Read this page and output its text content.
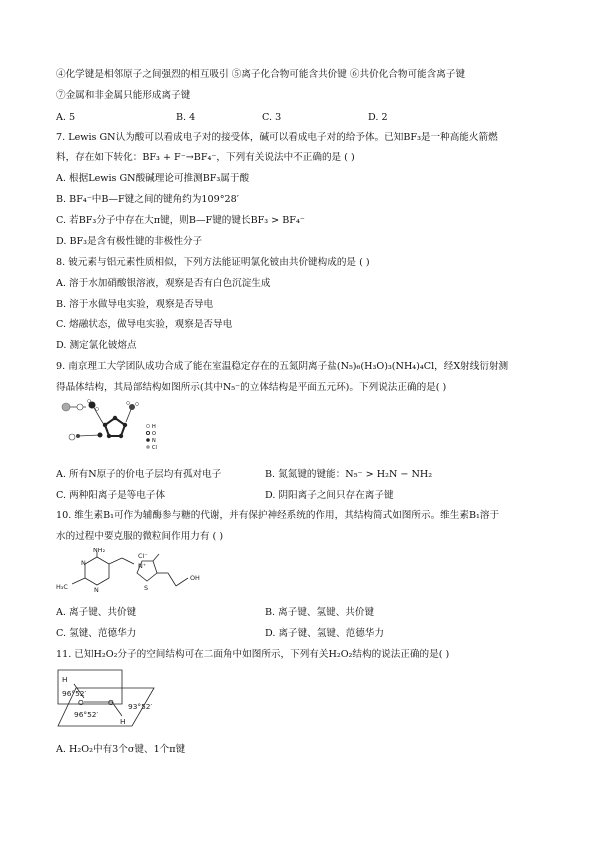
④化学键是相邻原子之间强烈的相互吸引 ⑤离子化合物可能含共价键 ⑥共价化合物可能含离子键
⑦金属和非金属只能形成离子键
A. 5	B. 4	C. 3	D. 2
7. Lewis GN认为酸可以看成电子对的接受体，碱可以看成电子对的给予体。已知BF₃是一种高能火箭燃
料，存在如下转化：BF₃ + F⁻→BF₄⁻，下列有关说法中不正确的是 ( )
A. 根据Lewis GN酸碱理论可推测BF₃属于酸
B. BF₄⁻中B—F键之间的键角约为109°28′
C. 若BF₃分子中存在大π键，则B—F键的键长BF₃ > BF₄⁻
D. BF₃是含有极性键的非极性分子
8. 铍元素与铝元素性质相似，下列方法能证明氯化铍由共价键构成的是 ( )
A. 溶于水加硝酸银溶液，观察是否有白色沉淀生成
B. 溶于水做导电实验，观察是否导电
C. 熔融状态，做导电实验，观察是否导电
D. 测定氯化铍熔点
9. 南京理工大学团队成功合成了能在室温稳定存在的五氮阴离子盐(N₅)₆(H₃O)₃(NH₄)₄Cl，经X射线衍射测
得晶体结构，其局部结构如图所示(其中N₅⁻的立体结构是平面五元环)。下列说法正确的是( )
H
O
N
Cl
A. 所有N原子的价电子层均有孤对电子	B. 氮氮键的键能：N₅⁻ > H₂N − NH₂
C. 两种阳离子是等电子体	D. 阴阳离子之间只存在离子键
10. 维生素B₁可作为辅酶参与糖的代谢，并有保护神经系统的作用，其结构简式如图所示。维生素B₁溶于
水的过程中要克服的微粒间作用力有 ( )
NH₂
N
N
H₃C
Cl⁻
N⁺
S
OH
A. 离子键、共价键	B. 离子键、氢键、共价键
C. 氢键、范德华力	D. 离子键、氢键、范德华力
11. 已知H₂O₂分子的空间结构可在二面角中如图所示，下列有关H₂O₂结构的说法正确的是( )
H
96°52′
O	O
96°52′
93°52′
H
A. H₂O₂中有3个σ键、1个π键
